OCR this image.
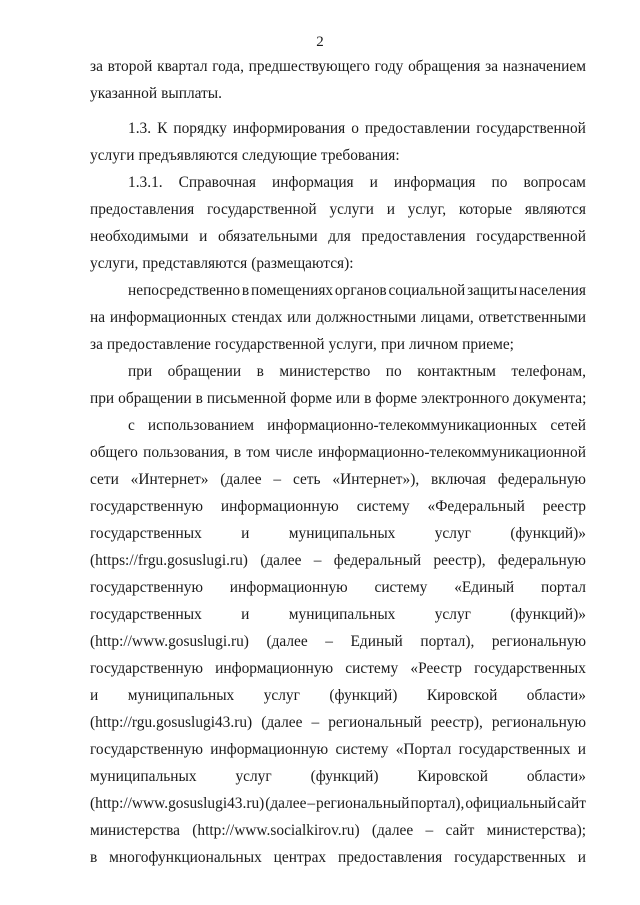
2
за второй квартал года, предшествующего году обращения за назначением
указанной выплаты.
1.3. К порядку информирования о предоставлении государственной
услуги предъявляются следующие требования:
1.3.1. Справочная информация и информация по вопросам
предоставления государственной услуги и услуг, которые являются
необходимыми и обязательными для предоставления государственной
услуги, представляются (размещаются):
непосредственно в помещениях органов социальной защиты населения
на информационных стендах или должностными лицами, ответственными
за предоставление государственной услуги, при личном приеме;
при обращении в министерство по контактным телефонам,
при обращении в письменной форме или в форме электронного документа;
с использованием информационно-телекоммуникационных сетей
общего пользования, в том числе информационно-телекоммуникационной
сети «Интернет» (далее – сеть «Интернет»), включая федеральную
государственную информационную систему «Федеральный реестр
государственных	и	муниципальных	услуг	(функций)»
(https://frgu.gosuslugi.ru) (далее – федеральный реестр), федеральную
государственную информационную систему «Единый портал
государственных	и	муниципальных	услуг	(функций)»
(http://www.gosuslugi.ru) (далее – Единый портал), региональную
государственную информационную систему «Реестр государственных
и муниципальных услуг (функций) Кировской области»
(http://rgu.gosuslugi43.ru) (далее – региональный реестр), региональную
государственную информационную систему «Портал государственных и
муниципальных	услуг	(функций)	Кировской	области»
(http://www.gosuslugi43.ru) (далее – региональный портал), официальный сайт
министерства (http://www.socialkirov.ru) (далее – сайт министерства);
в многофункциональных центрах предоставления государственных и
